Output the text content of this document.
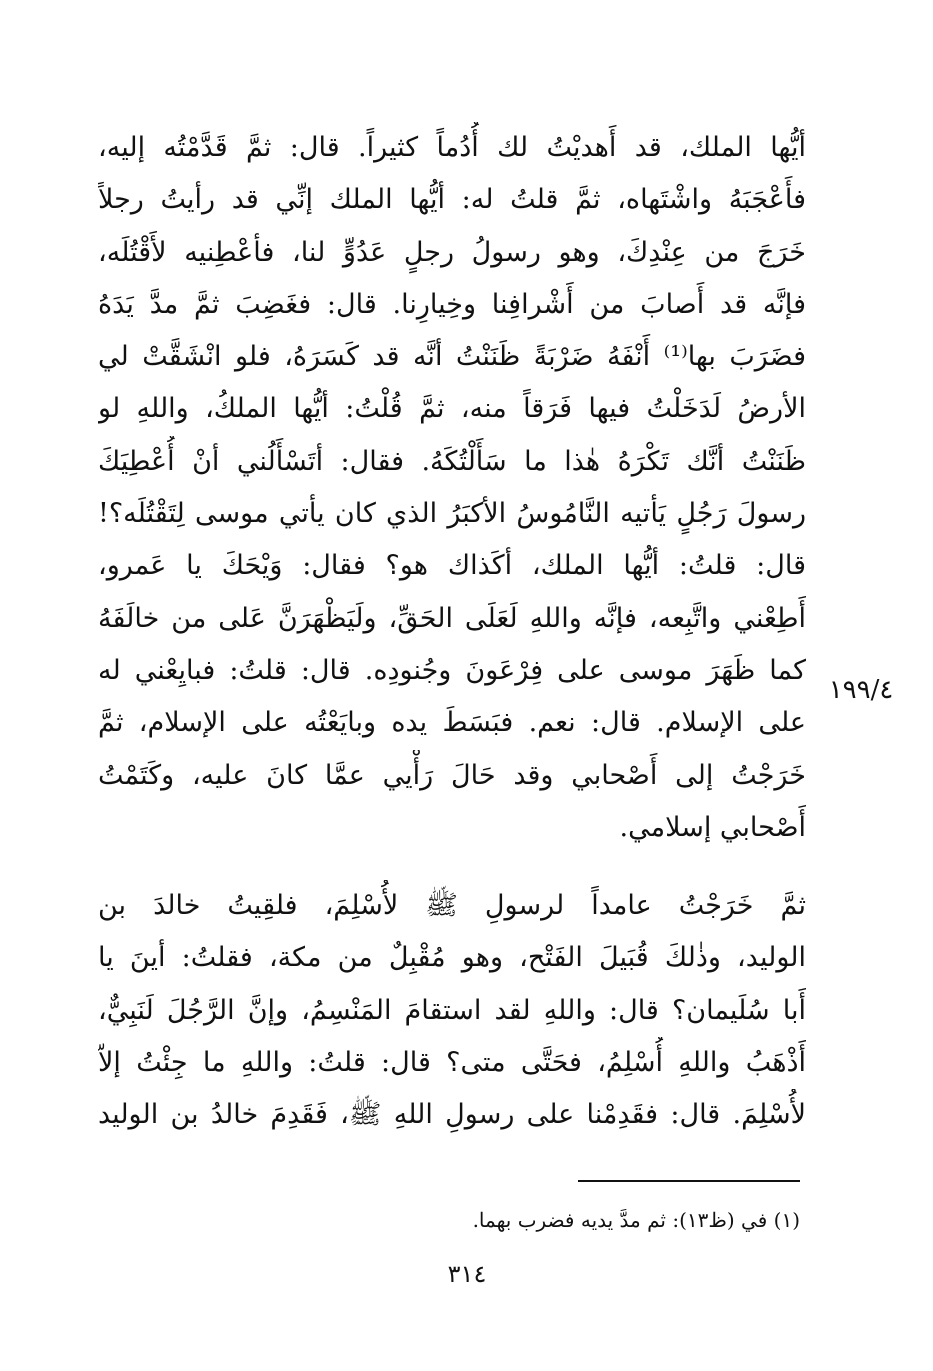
أيُّها الملك، قد أَهديْتُ لك أُدُماً كثيراً. قال: ثمَّ قَدَّمْتُه إليه،
فأَعْجَبَهُ واشْتَهاه، ثمَّ قلتُ له: أيُّها الملك إنِّي قد رأيتُ رجلاً
خَرَجَ من عِنْدِكَ، وهو رسولُ رجلٍ عَدُوٍّ لنا، فأعْطِنيه لأَقْتُلَه،
فإنَّه قد أَصابَ من أَشْرافِنا وخِيارِنا. قال: فغَضِبَ ثمَّ مدَّ يَدَهُ
فضَرَبَ بها⁽¹⁾ أَنْفَهُ ضَرْبَةً ظَنَنْتُ أنَّه قد كَسَرَهُ، فلو انْشَقَّتْ لي
الأرضُ لَدَخَلْتُ فيها فَرَقاً منه، ثمَّ قُلْتُ: أيُّها الملكُ، واللهِ لو
ظَنَنْتُ أنَّك تَكْرَهُ هٰذا ما سَأَلْتُكَهُ. فقال: أتَسْأَلُني أنْ أُعْطِيَكَ
رسولَ رَجُلٍ يَأتيه النَّامُوسُ الأكبَرُ الذي كان يأتي موسى لِتَقْتُلَه؟!
قال: قلتُ: أيُّها الملك، أكَذاك هو؟ فقال: وَيْحَكَ يا عَمرو،
أَطِعْني واتَّبِعه، فإنَّه واللهِ لَعَلَى الحَقِّ، ولَيَظْهَرَنَّ عَلى من خالَفَهُ
كما ظَهَرَ موسى على فِرْعَونَ وجُنودِه. قال: قلتُ: فبايِعْني له
على الإسلام. قال: نعم. فبَسَطَ يده وبايَعْتُه على الإسلام، ثمَّ
خَرَجْتُ إلى أَصْحابي وقد حَالَ رَأْيي عمَّا كانَ عليه، وكَتَمْتُ
أَصْحابي إسلامي.
١٩٩/٤
ثمَّ خَرَجْتُ عامداً لرسولِ ﷺ لأُسْلِمَ، فلقِيتُ خالدَ بن
الوليد، وذٰلكَ قُبَيلَ الفَتْح، وهو مُقْبِلٌ من مكة، فقلتُ: أينَ يا
أَبا سُلَيمان؟ قال: واللهِ لقد استقامَ المَنْسِمُ، وإنَّ الرَّجُلَ لَنَبِيٌّ،
أَذْهَبُ واللهِ أُسْلِمُ، فحَتَّى متى؟ قال: قلتُ: واللهِ ما جِئْتُ إلاّ
لأُسْلِمَ. قال: فقَدِمْنا على رسولِ اللهِ ﷺ، فَقَدِمَ خالدُ بن الوليد
(١) في (ظ١٣): ثم مدَّ يديه فضرب بهما.
٣١٤
